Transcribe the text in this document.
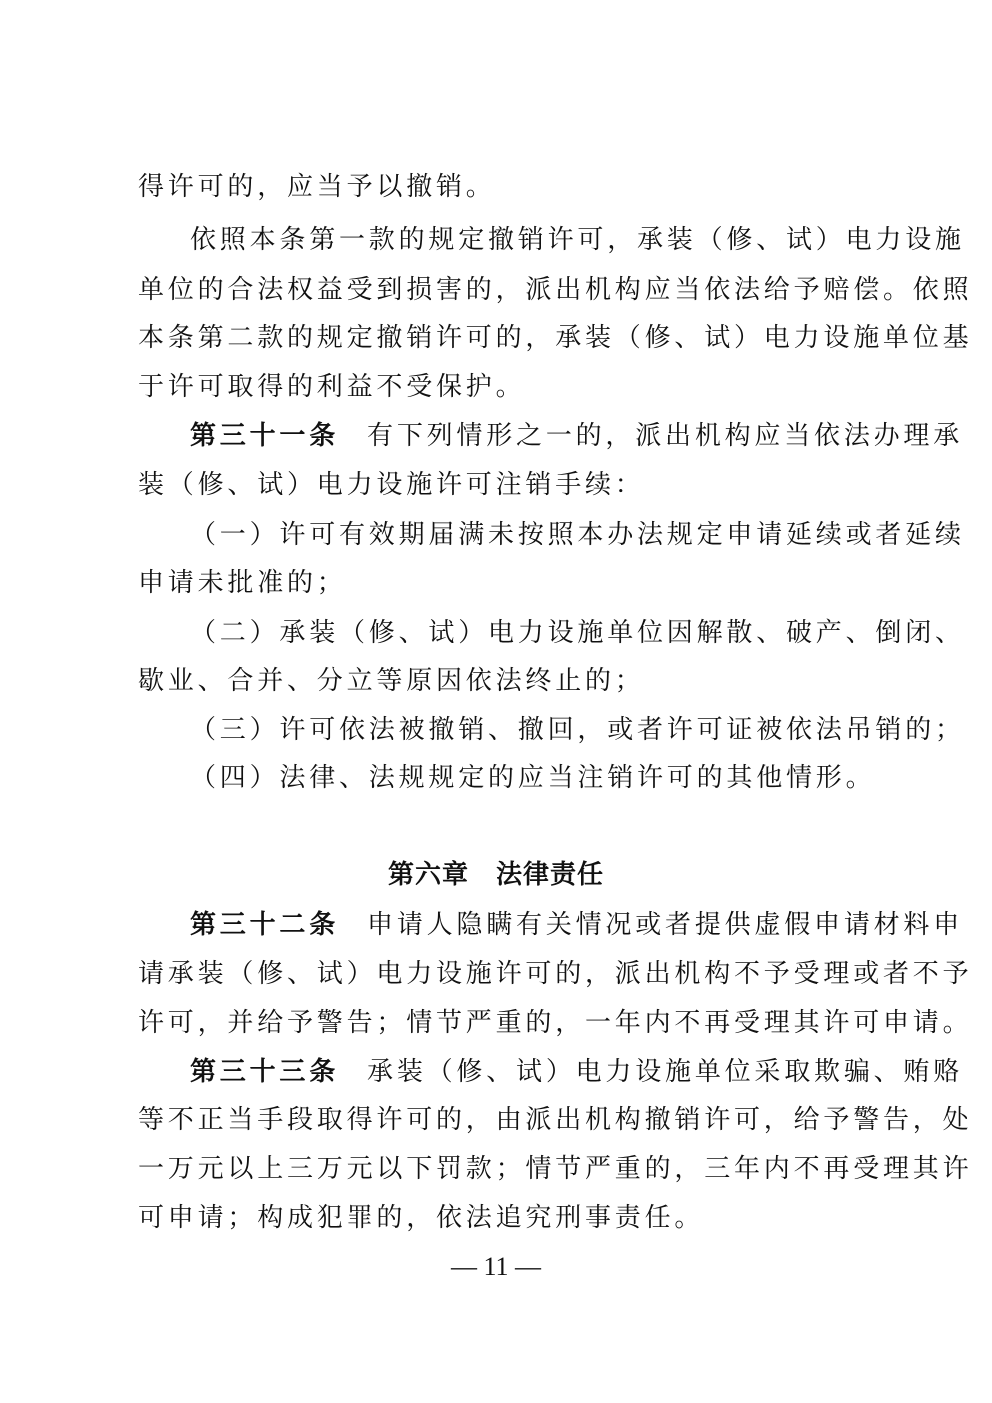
得许可的，应当予以撤销。
依照本条第一款的规定撤销许可，承装（修、试）电力设施
单位的合法权益受到损害的，派出机构应当依法给予赔偿。依照
本条第二款的规定撤销许可的，承装（修、试）电力设施单位基
于许可取得的利益不受保护。
第三十一条 有下列情形之一的，派出机构应当依法办理承
装（修、试）电力设施许可注销手续：
（一）许可有效期届满未按照本办法规定申请延续或者延续
申请未批准的；
（二）承装（修、试）电力设施单位因解散、破产、倒闭、
歇业、合并、分立等原因依法终止的；
（三）许可依法被撤销、撤回，或者许可证被依法吊销的；
（四）法律、法规规定的应当注销许可的其他情形。
第六章　法律责任
第三十二条 申请人隐瞒有关情况或者提供虚假申请材料申
请承装（修、试）电力设施许可的，派出机构不予受理或者不予
许可，并给予警告；情节严重的，一年内不再受理其许可申请。
第三十三条 承装（修、试）电力设施单位采取欺骗、贿赂
等不正当手段取得许可的，由派出机构撤销许可，给予警告，处
一万元以上三万元以下罚款；情节严重的，三年内不再受理其许
可申请；构成犯罪的，依法追究刑事责任。
— 11 —
